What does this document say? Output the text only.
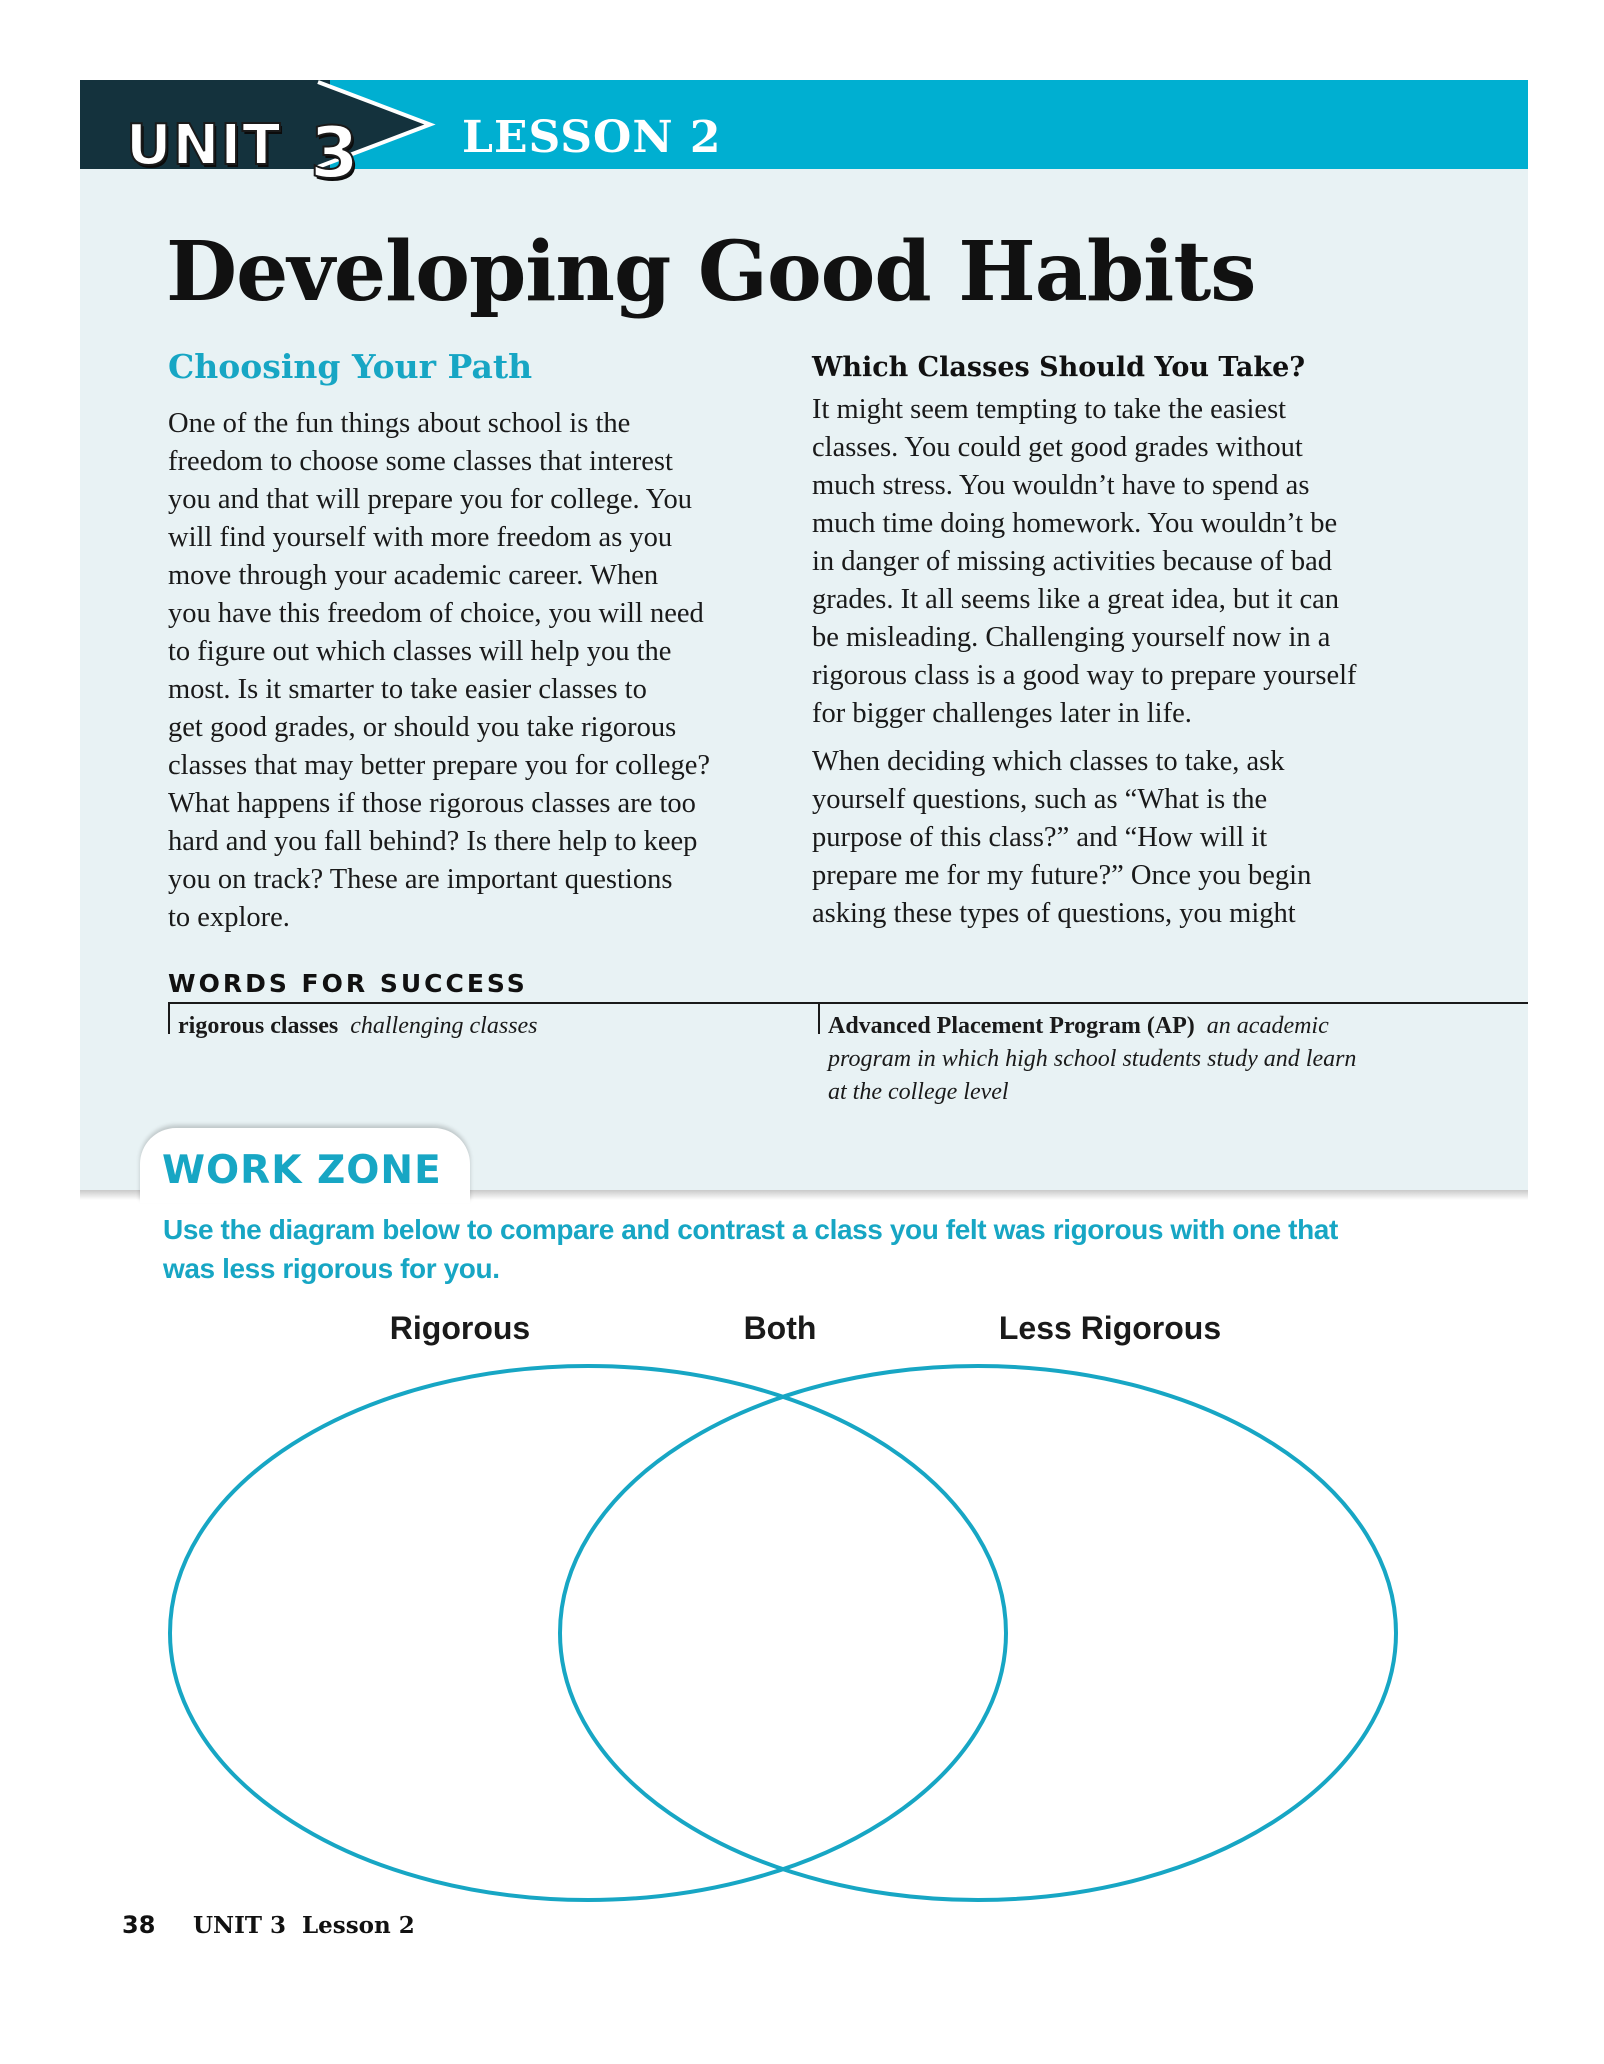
UNIT 3 LESSON 2
Developing Good Habits
Choosing Your Path

One of the fun things about school is the
freedom to choose some classes that interest
you and that will prepare you for college. You
will find yourself with more freedom as you
move through your academic career. When
you have this freedom of choice, you will need
to figure out which classes will help you the
most. Is it smarter to take easier classes to
get good grades, or should you take rigorous
classes that may better prepare you for college?
What happens if those rigorous classes are too
hard and you fall behind? Is there help to keep
you on track? These are important questions
to explore.

Which Classes Should You Take?

It might seem tempting to take the easiest
classes. You could get good grades without
much stress. You wouldn’t have to spend as
much time doing homework. You wouldn’t be
in danger of missing activities because of bad
grades. It all seems like a great idea, but it can
be misleading. Challenging yourself now in a
rigorous class is a good way to prepare yourself
for bigger challenges later in life.

When deciding which classes to take, ask
yourself questions, such as “What is the
purpose of this class?” and “How will it
prepare me for my future?” Once you begin
asking these types of questions, you might

WORDS FOR SUCCESS
rigorous classes challenging classes	Advanced Placement Program (AP) an academic
program in which high school students study and learn
at the college level
WORK ZONE
Use the diagram below to compare and contrast a class you felt was rigorous with one that
was less rigorous for you.
Rigorous	Both	Less Rigorous
38 UNIT 3  Lesson 2
